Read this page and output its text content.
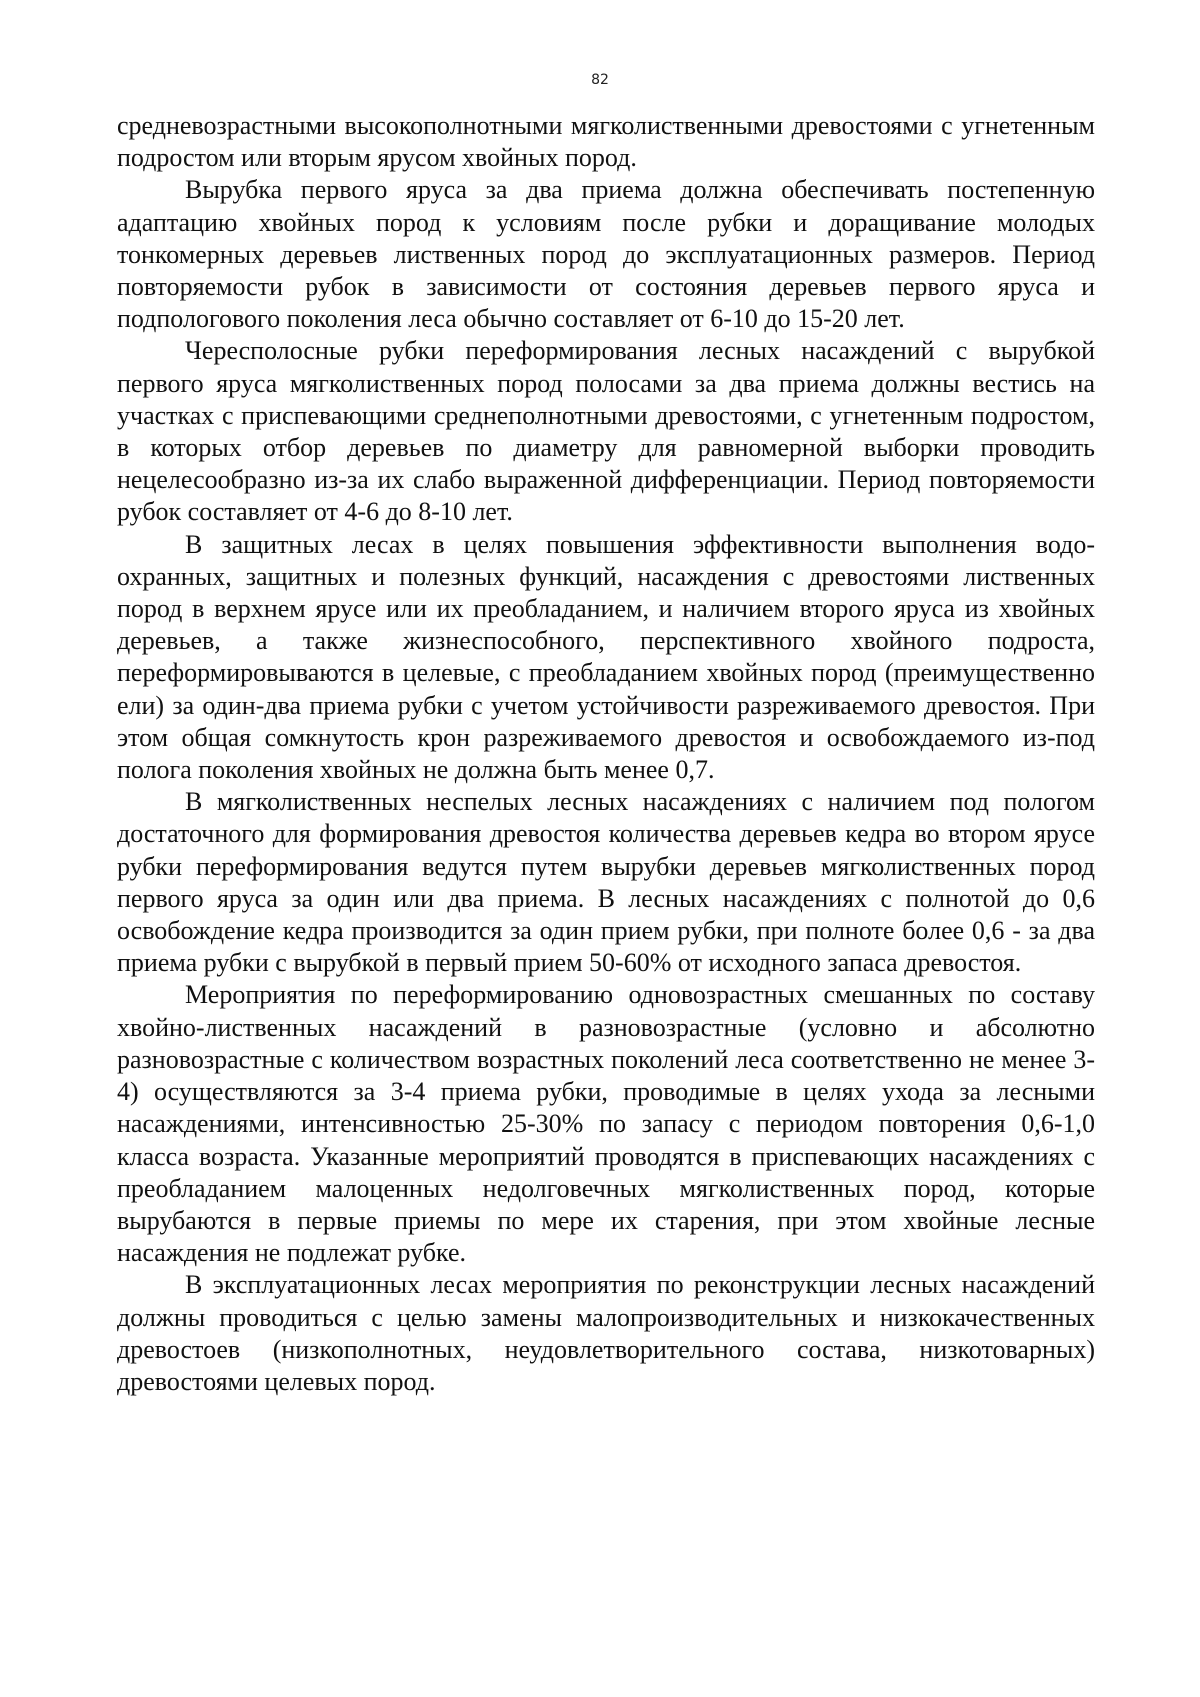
82

средневозрастными высокополнотными мягколиственными древостоями с угнетенным подростом или вторым ярусом хвойных пород.

Вырубка первого яруса за два приема должна обеспечивать постепенную адаптацию хвойных пород к условиям после рубки и доращивание молодых тонкомерных деревьев лиственных пород до эксплуатационных размеров. Период повторяемости рубок в зависимости от состояния деревьев первого яруса и подпологового поколения леса обычно составляет от 6-10 до 15-20 лет.

Чересполосные рубки переформирования лесных насаждений с вырубкой первого яруса мягколиственных пород полосами за два приема должны вестись на участках с приспевающими среднеполнотными древостоями, с угнетенным подростом, в которых отбор деревьев по диаметру для равномерной выборки проводить нецелесообразно из-за их слабо выраженной дифференциации. Период повторяемости рубок составляет от 4-6 до 8-10 лет.

В защитных лесах в целях повышения эффективности выполнения водоохранных, защитных и полезных функций, насаждения с древостоями лиственных пород в верхнем ярусе или их преобладанием, и наличием второго яруса из хвойных деревьев, а также жизнеспособного, перспективного хвойного подроста, переформировываются в целевые, с преобладанием хвойных пород (преимущественно ели) за один-два приема рубки с учетом устойчивости разреживаемого древостоя. При этом общая сомкнутость крон разреживаемого древостоя и освобождаемого из-под полога поколения хвойных не должна быть менее 0,7.

В мягколиственных неспелых лесных насаждениях с наличием под пологом достаточного для формирования древостоя количества деревьев кедра во втором ярусе рубки переформирования ведутся путем вырубки деревьев мягколиственных пород первого яруса за один или два приема. В лесных насаждениях с полнотой до 0,6 освобождение кедра производится за один прием рубки, при полноте более 0,6 - за два приема рубки с вырубкой в первый прием 50-60% от исходного запаса древостоя.

Мероприятия по переформированию одновозрастных смешанных по составу хвойно-лиственных насаждений в разновозрастные (условно и абсолютно разновозрастные с количеством возрастных поколений леса соответственно не менее 3-4) осуществляются за 3-4 приема рубки, проводимые в целях ухода за лесными насаждениями, интенсивностью 25-30% по запасу с периодом повторения 0,6-1,0 класса возраста. Указанные мероприятий проводятся в приспевающих насаждениях с преобладанием малоценных недолговечных мягколиственных пород, которые вырубаются в первые приемы по мере их старения, при этом хвойные лесные насаждения не подлежат рубке.

В эксплуатационных лесах мероприятия по реконструкции лесных насаждений должны проводиться с целью замены малопроизводительных и низкокачественных древостоев (низкополнотных, неудовлетворительного состава, низкотоварных) древостоями целевых пород.
